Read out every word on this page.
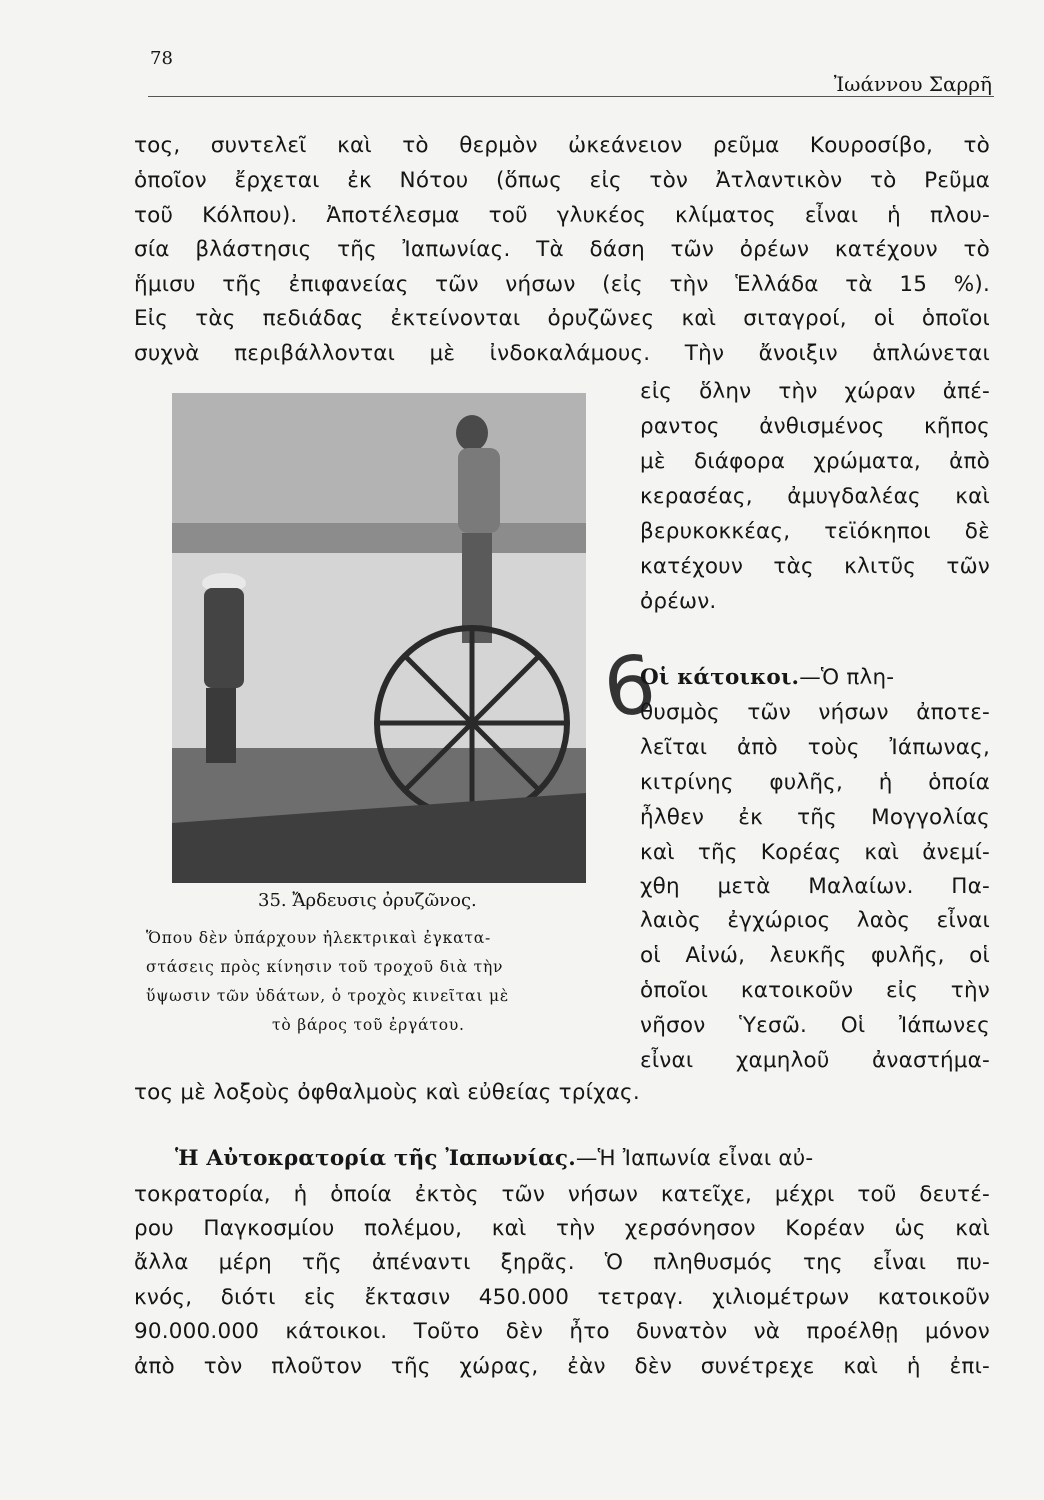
78
Ἰωάννου Σαρρῆ
τος, συντελεῖ καὶ τὸ θερμὸν ὠκεάνειον ρεῦμα Κουροσίβο, τὸ
ὁποῖον ἔρχεται ἐκ Νότου (ὅπως εἰς τὸν Ἀτλαντικὸν τὸ Ρεῦμα
τοῦ Κόλπου). Ἀποτέλεσμα τοῦ γλυκέος κλίματος εἶναι ἡ πλου-
σία βλάστησις τῆς Ἰαπωνίας. Τὰ δάση τῶν ὀρέων κατέχουν τὸ
ἥμισυ τῆς ἐπιφανείας τῶν νήσων (εἰς τὴν Ἑλλάδα τὰ 15 %).
Εἰς τὰς πεδιάδας ἐκτείνονται ὀρυζῶνες καὶ σιταγροί, οἱ ὁποῖοι
συχνὰ περιβάλλονται μὲ ἰνδοκαλάμους. Τὴν ἄνοιξιν ἁπλώνεται
εἰς ὅλην τὴν χώραν ἀπέ-
ραντος ἀνθισμένος κῆπος
μὲ διάφορα χρώματα, ἀπὸ
κερασέας, ἀμυγδαλέας καὶ
βερυκοκκέας, τεϊόκηποι δὲ
κατέχουν τὰς κλιτῦς τῶν
ὀρέων.
6
Οἱ κάτοικοι.—Ὁ πλη-
θυσμὸς τῶν νήσων ἀποτε-
λεῖται ἀπὸ τοὺς Ἰάπωνας,
κιτρίνης φυλῆς, ἡ ὁποία
ἦλθεν ἐκ τῆς Μογγολίας
καὶ τῆς Κορέας καὶ ἀνεμί-
χθη μετὰ Μαλαίων. Πα-
λαιὸς ἐγχώριος λαὸς εἶναι
οἱ Αἰνώ, λευκῆς φυλῆς, οἱ
ὁποῖοι κατοικοῦν εἰς τὴν
νῆσον Ὑεσῶ. Οἱ Ἰάπωνες
εἶναι χαμηλοῦ ἀναστήμα-
τος μὲ λοξοὺς ὀφθαλμοὺς καὶ εὐθείας τρίχας.
35. Ἄρδευσις ὀρυζῶνος.
Ὅπου δὲν ὑπάρχουν ἠλεκτρικαὶ ἐγκατα-
στάσεις πρὸς κίνησιν τοῦ τροχοῦ διὰ τὴν
ὕψωσιν τῶν ὑδάτων, ὁ τροχὸς κινεῖται μὲ
τὸ βάρος τοῦ ἐργάτου.
Ἡ Αὐτοκρατορία τῆς Ἰαπωνίας.—Ἡ Ἰαπωνία εἶναι αὐ-
τοκρατορία, ἡ ὁποία ἐκτὸς τῶν νήσων κατεῖχε, μέχρι τοῦ δευτέ-
ρου Παγκοσμίου πολέμου, καὶ τὴν χερσόνησον Κορέαν ὡς καὶ
ἄλλα μέρη τῆς ἀπέναντι ξηρᾶς. Ὁ πληθυσμός της εἶναι πυ-
κνός, διότι εἰς ἔκτασιν 450.000 τετραγ. χιλιομέτρων κατοικοῦν
90.000.000 κάτοικοι. Τοῦτο δὲν ἦτο δυνατὸν νὰ προέλθῃ μόνον
ἀπὸ τὸν πλοῦτον τῆς χώρας, ἐὰν δὲν συνέτρεχε καὶ ἡ ἐπι-
